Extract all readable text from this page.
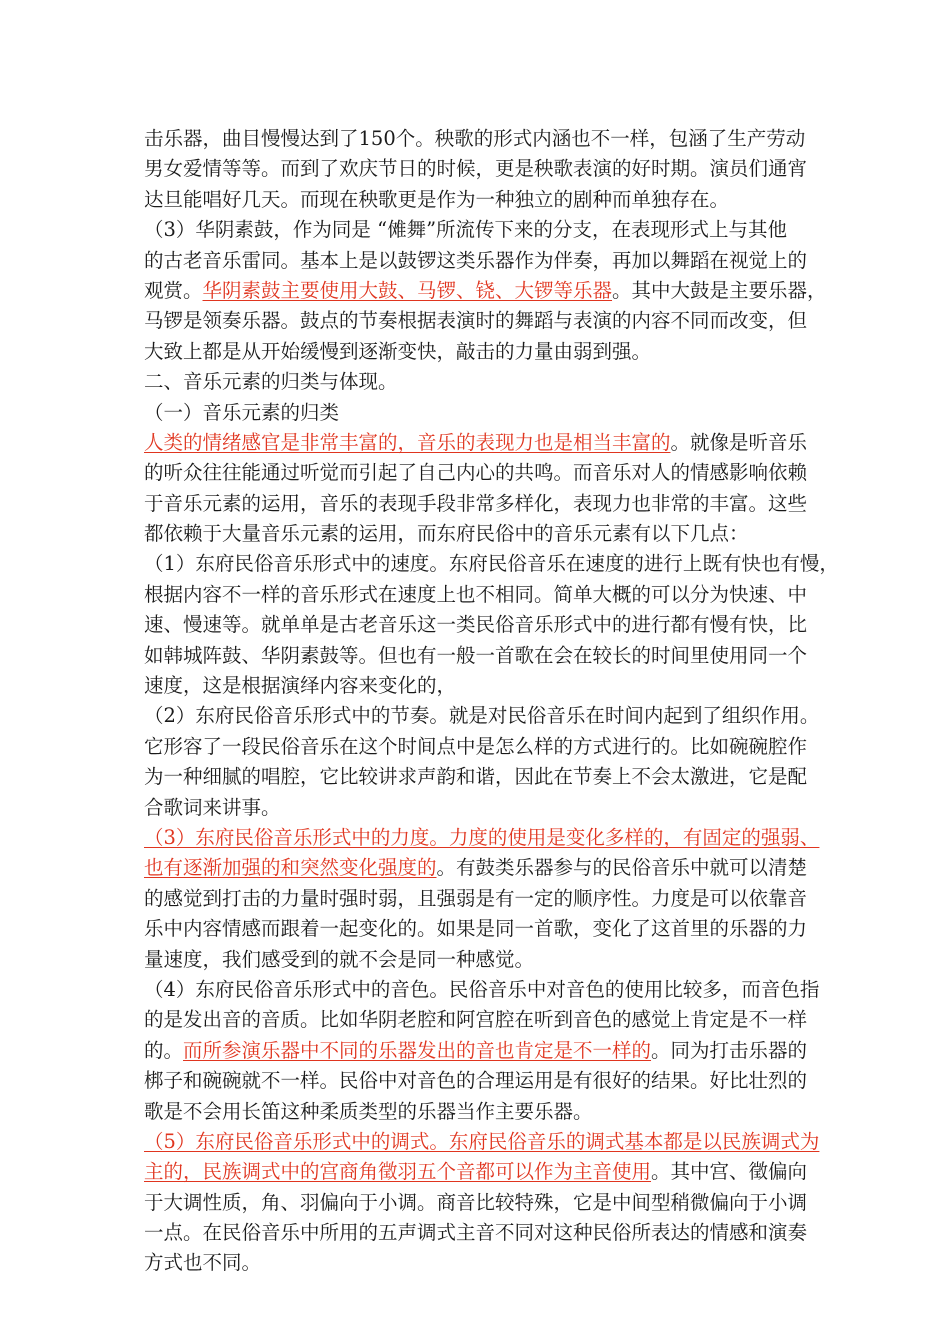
击乐器，曲目慢慢达到了150个。秧歌的形式内涵也不一样，包涵了生产劳动
男女爱情等等。而到了欢庆节日的时候，更是秧歌表演的好时期。演员们通宵
达旦能唱好几天。而现在秧歌更是作为一种独立的剧种而单独存在。
（3）华阴素鼓，作为同是 “傩舞”所流传下来的分支，在表现形式上与其他
的古老音乐雷同。基本上是以鼓锣这类乐器作为伴奏，再加以舞蹈在视觉上的
观赏。华阴素鼓主要使用大鼓、马锣、铙、大锣等乐器。其中大鼓是主要乐器，
马锣是领奏乐器。鼓点的节奏根据表演时的舞蹈与表演的内容不同而改变，但
大致上都是从开始缓慢到逐渐变快，敲击的力量由弱到强。
二、音乐元素的归类与体现。
（一）音乐元素的归类
人类的情绪感官是非常丰富的，音乐的表现力也是相当丰富的。就像是听音乐
的听众往往能通过听觉而引起了自己内心的共鸣。而音乐对人的情感影响依赖
于音乐元素的运用，音乐的表现手段非常多样化，表现力也非常的丰富。这些
都依赖于大量音乐元素的运用，而东府民俗中的音乐元素有以下几点：
（1）东府民俗音乐形式中的速度。东府民俗音乐在速度的进行上既有快也有慢，
根据内容不一样的音乐形式在速度上也不相同。简单大概的可以分为快速、中
速、慢速等。就单单是古老音乐这一类民俗音乐形式中的进行都有慢有快，比
如韩城阵鼓、华阴素鼓等。但也有一般一首歌在会在较长的时间里使用同一个
速度，这是根据演绎内容来变化的，
（2）东府民俗音乐形式中的节奏。就是对民俗音乐在时间内起到了组织作用。
它形容了一段民俗音乐在这个时间点中是怎么样的方式进行的。比如碗碗腔作
为一种细腻的唱腔，它比较讲求声韵和谐，因此在节奏上不会太激进，它是配
合歌词来讲事。
（3）东府民俗音乐形式中的力度。力度的使用是变化多样的，有固定的强弱、
也有逐渐加强的和突然变化强度的。有鼓类乐器参与的民俗音乐中就可以清楚
的感觉到打击的力量时强时弱，且强弱是有一定的顺序性。力度是可以依靠音
乐中内容情感而跟着一起变化的。如果是同一首歌，变化了这首里的乐器的力
量速度，我们感受到的就不会是同一种感觉。
（4）东府民俗音乐形式中的音色。民俗音乐中对音色的使用比较多，而音色指
的是发出音的音质。比如华阴老腔和阿宫腔在听到音色的感觉上肯定是不一样
的。而所参演乐器中不同的乐器发出的音也肯定是不一样的。同为打击乐器的
梆子和碗碗就不一样。民俗中对音色的合理运用是有很好的结果。好比壮烈的
歌是不会用长笛这种柔质类型的乐器当作主要乐器。
（5）东府民俗音乐形式中的调式。东府民俗音乐的调式基本都是以民族调式为
主的，民族调式中的宫商角徵羽五个音都可以作为主音使用。其中宫、徵偏向
于大调性质，角、羽偏向于小调。商音比较特殊，它是中间型稍微偏向于小调
一点。在民俗音乐中所用的五声调式主音不同对这种民俗所表达的情感和演奏
方式也不同。
